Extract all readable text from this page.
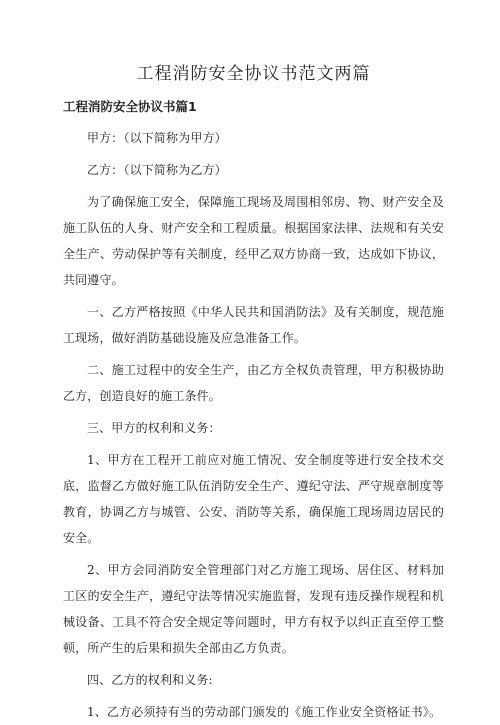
工程消防安全协议书范文两篇
工程消防安全协议书篇1

甲方：（以下简称为甲方）

乙方：（以下简称为乙方）

为了确保施工安全，保障施工现场及周围相邻房、物、财产安全及施工队伍的人身、财产安全和工程质量。根据国家法律、法规和有关安全生产、劳动保护等有关制度，经甲乙双方协商一致，达成如下协议，共同遵守。

一、乙方严格按照《中华人民共和国消防法》及有关制度，规范施工现场，做好消防基础设施及应急准备工作。

二、施工过程中的安全生产，由乙方全权负责管理，甲方积极协助乙方，创造良好的施工条件。

三、甲方的权利和义务：

1、甲方在工程开工前应对施工情况、安全制度等进行安全技术交底，监督乙方做好施工队伍消防安全生产、遵纪守法、严守规章制度等教育，协调乙方与城管、公安、消防等关系，确保施工现场周边居民的安全。

2、甲方会同消防安全管理部门对乙方施工现场、居住区、材料加工区的安全生产，遵纪守法等情况实施监督，发现有违反操作规程和机械设备、工具不符合安全规定等问题时，甲方有权予以纠正直至停工整顿，所产生的后果和损失全部由乙方负责。

四、乙方的权利和义务:

1、乙方必须持有当的劳动部门颁发的《施工作业安全资格证书》。
